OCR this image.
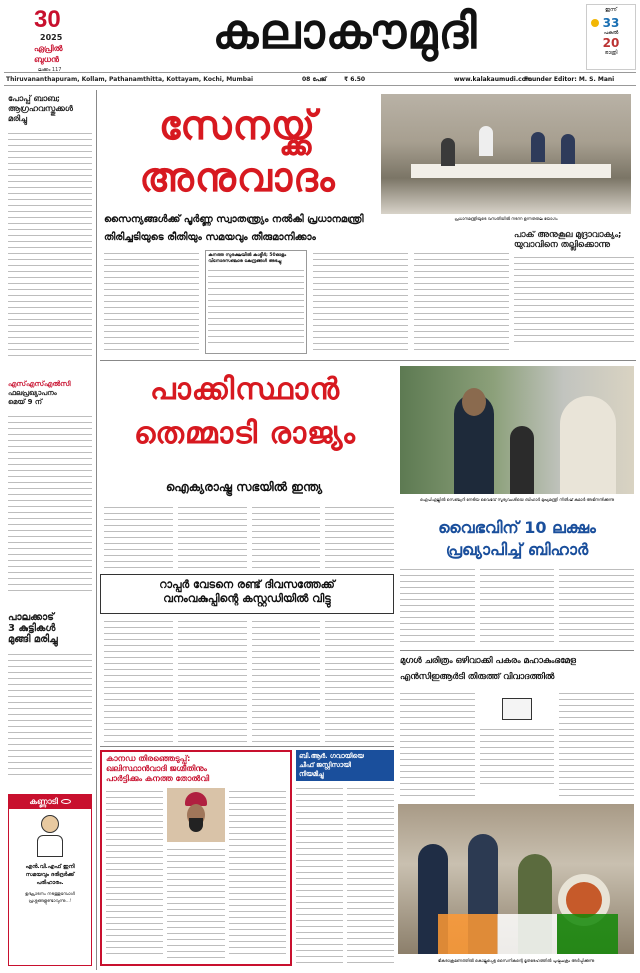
30
2025
ഏപ്രിൽ
ബുധൻ
ലക്കം 117
കലാകൗമുദി	ഇന്ന്
33
പകൽ
20
രാത്രി
Thiruvananthapuram, Kollam, Pathanamthitta, Kottayam, Kochi, Mumbai	08 പേജ്	₹ 6.50	www.kalakaumudi.com
Founder Editor: M. S. Mani
പോപ്പ് ബാബ;
ആഗ്രഹവസ്തുക്കൾ
മരിച്ചു
എസ്എസ്എൽസി
ഫലപ്രഖ്യാപനം
മെയ് 9 ന്
പാലക്കാട്
3 കുട്ടികൾ
മുങ്ങി മരിച്ചു
കണ്ണാടി
എൻ.വി.എഫ് ഇനി സമയവും ദരിദ്രർക്ക് പരിഹാരം.
ഉദ്ഘാടനം നടത്തുമ്പോൾ പ്രശ്നങ്ങളുണ്ടാവുന്നു...!
സേനയ്ക്ക്
അനുവാദം
പ്രധാനമന്ത്രിയുടെ വസതിയിൽ നടന്ന ഉന്നതതല യോഗം
സൈന്യങ്ങൾക്ക് പൂർണ്ണ സ്വാതന്ത്ര്യം നൽകി പ്രധാനമന്ത്രി
തിരിച്ചടിയുടെ രീതിയും സമയവും തീരുമാനിക്കാം
കനത്ത സുരക്ഷയിൽ കശ്മീർ; 50ഓളം വിനോദസഞ്ചാര കേന്ദ്രങ്ങൾ അടച്ചു
പാക് അനുകൂല മുദ്രാവാക്യം;
യുവാവിനെ തല്ലിക്കൊന്നു
പാക്കിസ്ഥാൻ
തെമ്മാടി രാജ്യം
ഐക്യരാഷ്ട്ര സഭയിൽ ഇന്ത്യ
ഐപിഎല്ലിൽ സെഞ്ച്വറി നേടിയ വൈഭവ് സൂര്യവംശിയെ ബിഹാർ മുഖ്യമന്ത്രി നിതീഷ് കുമാർ അഭിനന്ദിക്കുന്നു
വൈഭവിന് 10 ലക്ഷം
പ്രഖ്യാപിച്ച് ബിഹാർ
റാപ്പർ വേടനെ രണ്ട് ദിവസത്തേക്ക്
വനംവകുപ്പിന്റെ കസ്റ്റഡിയിൽ വിട്ടു
മുഗൾ ചരിത്രം ഒഴിവാക്കി പകരം മഹാകുംഭമേള
എൻസിഇആർടി തിരുത്ത് വിവാദത്തിൽ
കാനഡ തിരഞ്ഞെടുപ്പ്:
ഖലിസ്ഥാൻവാദി ജഗ്മീതിനും
പാർട്ടിക്കും കനത്ത തോൽവി
ബി.ആർ. ഗവായിയെ
ചീഫ് ജസ്റ്റിസായി
നിയമിച്ചു
ഭീകരാക്രമണത്തിൽ കൊല്ലപ്പെട്ട സൈനികന്റെ മൃതദേഹത്തിൽ പുഷ്പചക്രം അർപ്പിക്കുന്നു
